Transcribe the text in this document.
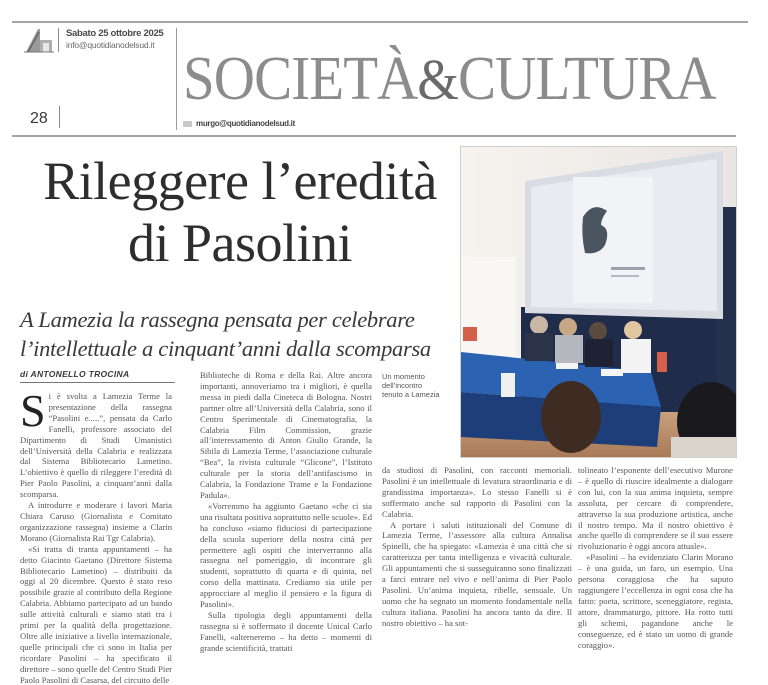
Sabato 25 ottobre 2025
info@quotidianodelsud.it
28
SOCIETÀ&CULTURA
murgo@quotidianodelsud.it
Rileggere l’eredità
di Pasolini
A Lamezia la rassegna pensata per celebrare
l’intellettuale a cinquant’anni dalla scomparsa
di ANTONELLO TROCINA
S i è svolta a Lamezia Terme la presentazione della rassegna “Pasolini e.....”, pensata da Carlo Fanelli, professore associato del Dipartimento di Studi Umanistici dell’Università della Calabria e realizzata dal Sistema Bibliotecario Lametino. L’obiettivo è quello di rileggere l’eredità di Pier Paolo Pasolini, a cinquant’anni dalla scomparsa.

A introdurre e moderare i lavori Maria Chiara Caruso (Giornalista e Comitato organizzazione rassegna) insieme a Clarin Morano (Giornalista Rai Tgr Calabria).

«Si tratta di tranta appuntamenti – ha detto Giacinto Gaetano (Direttore Sistema Bibliotecario Lametino) – distribuiti da oggi al 20 dicembre. Questo è stato reso possibile grazie al contributo della Regione Calabria. Abbiamo partecipato ad un bando sulle attività culturali e siamo stati tra i primi per la qualità della progettazione. Oltre alle iniziative a livello internazionale, quelle principali che ci sono in Italia per ricordare Pasolini – ha specificato il direttore – sono quelle del Centro Studi Pier Paolo Pasolini di Casarsa, del circuito delle

Biblioteche di Roma e della Rai. Altre ancora importanti, annoveriamo tra i migliori, è quella messa in piedi dalla Cineteca di Bologna. Nostri partner oltre all’Università della Calabria, sono il Centro Sperimentale di Cinematografia, la Calabria Film Commission, grazie all’interessamento di Anton Giulio Grande, la Sibila di Lamezia Terme, l’associazione culturale “Bea”, la rivista culturale “Glicone”, l’Istituto culturale per la storia dell’antifascismo in Calabria, la Fondazione Trame e la Fondazione Padula».

«Vorremmo ha aggiunto Gaetano «che ci sia una risultata positiva soprattutto nelle scuole». Ed ha concluso «siamo fiduciosi di partecipazione della scuola superiore della nostra città per permettere agli ospiti che interverranno alla rassegna nel pomeriggio, di incontrare gli studenti, soprattutto di quarta e di quinta, nel corso della mattinata. Crediamo sia utile per approcciare al meglio il pensiero e la figura di Pasolini».

Sulla tipologia degli appuntamenti della rassegna si è soffermato il docente Unical Carlo Fanelli, «alterneremo – ha detto – momenti di grande scientificità, trattati

Un momento dell’incontro tenuto a Lamezia

da studiosi di Pasolini, con racconti memoriali. Pasolini è un intellettuale di levatura straordinaria e di grandissima importanza». Lo stesso Fanelli si è soffermato anche sul rapporto di Pasolini con la Calabria.

A portare i saluti istituzionali del Comune di Lamezia Terme, l’assessore alla cultura Annalisa Spinelli, che ha spiegato: «Lamezia è una città che si caratterizza per tanta intelligenza e vivacità culturale. Gli appuntamenti che si susseguiranno sono finalizzati a farci entrare nel vivo e nell’anima di Pier Paolo Pasolini. Un’anima inquieta, ribelle, sensuale. Un uomo che ha segnato un momento fondamentale nella cultura italiana. Pasolini ha ancora tanto da dire. Il nostro obiettivo – ha sot-

tolineato l’esponente dell’esecutivo Murone – è quello di riuscire idealmente a dialogare con lui, con la sua anima inquieta, sempre assoluta, per cercare di comprendere, attraverso la sua produzione artistica, anche il nostro tempo. Ma il nostro obiettivo è anche quello di comprendere se il suo essere rivoluzionario è oggi ancora attuale».

«Pasolini – ha evidenziato Clarin Morano – è una guida, un faro, un esempio. Una persona coraggiosa che ha saputo raggiungere l’eccellenza in ogni cosa che ha fatto: poeta, scrittore, sceneggiatore, regista, attore, drammaturgo, pittore. Ha rotto tutti gli schemi, pagandone anche le conseguenze, ed è stato un uomo di grande coraggio».
